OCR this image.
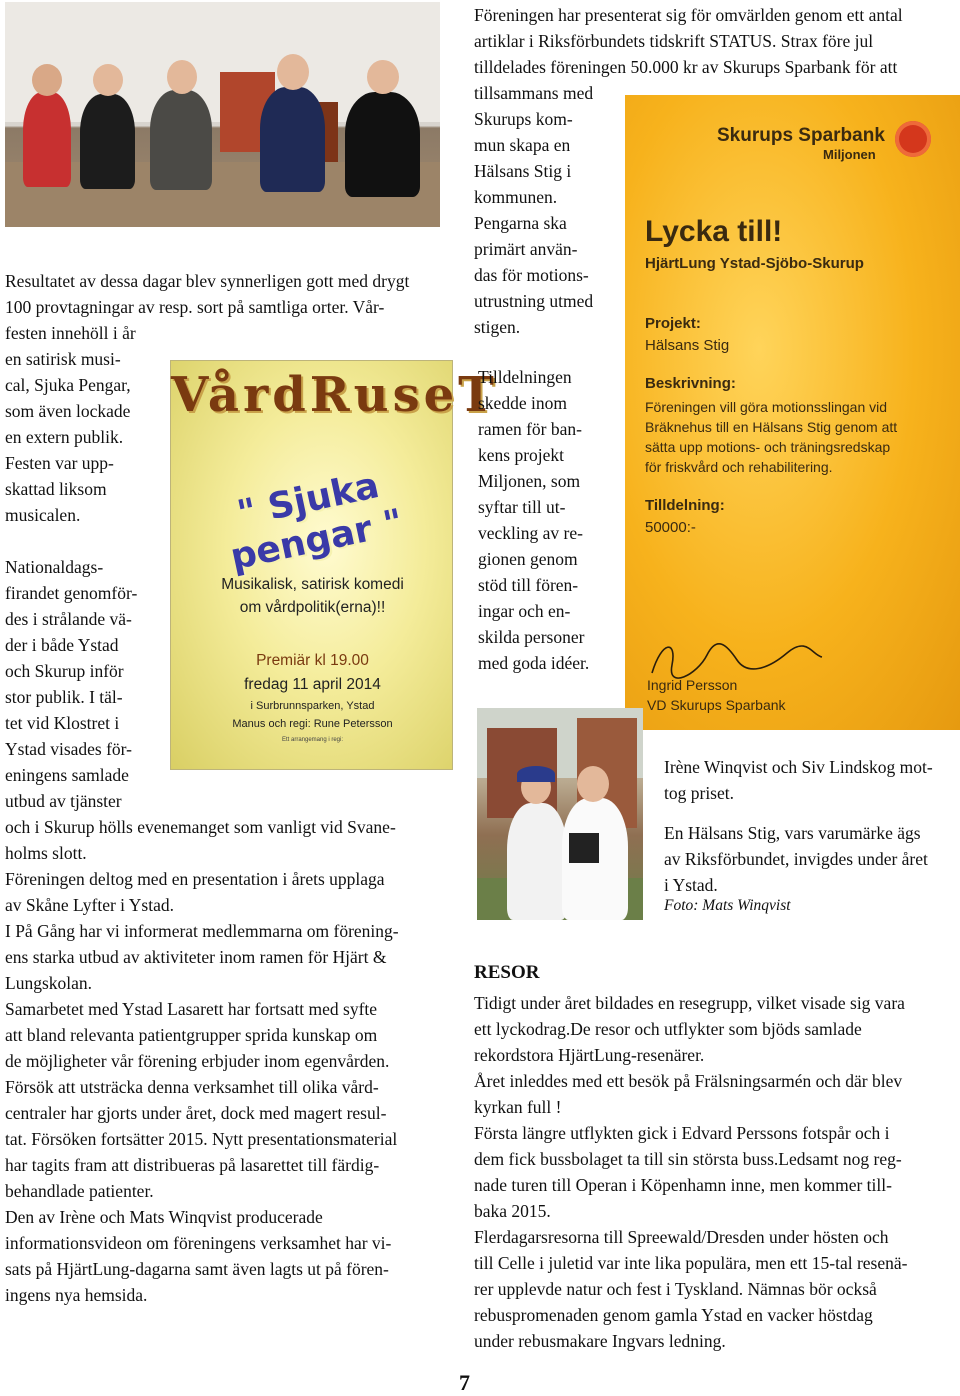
Resultatet av dessa dagar blev synnerligen gott med drygt
100 provtagningar av resp. sort på samtliga orter. Vår-
festen innehöll i år
en satirisk musi-
cal, Sjuka Pengar,
som även lockade
en extern publik.
Festen var upp-
skattad liksom
musicalen.
Nationaldags-
firandet genomför-
des i strålande vä-
der i både Ystad
och Skurup inför
stor publik. I täl-
tet vid Klostret i
Ystad visades för-
eningens samlade
utbud av tjänster
och i Skurup hölls evenemanget som vanligt vid Svane-
holms slott.
Föreningen deltog med en presentation i årets upplaga
av Skåne Lyfter i Ystad.
I På Gång har vi informerat medlemmarna om förening-
ens starka utbud av aktiviteter inom ramen för Hjärt &
Lungskolan.
Samarbetet med Ystad Lasarett har fortsatt med syfte
att bland relevanta patientgrupper sprida kunskap om
de möjligheter vår förening erbjuder inom egenvården.
Försök att utsträcka denna verksamhet till olika vård-
centraler har gjorts under året, dock med magert resul-
tat. Försöken fortsätter 2015. Nytt presentationsmaterial
har tagits fram att distribueras på lasarettet till färdig-
behandlade patienter.
Den av Irène och Mats Winqvist producerade
informationsvideon om föreningens verksamhet har vi-
sats på HjärtLung-dagarna samt även lagts ut på fören-
ingens nya hemsida.
VårdRuseT
" Sjuka pengar "
Musikalisk, satirisk komedi
om vårdpolitik(erna)!!
Premiär kl 19.00
fredag 11 april 2014
i Surbrunnsparken, Ystad
Manus och regi: Rune Petersson
Ett arrangemang i regi:
Föreningen har presenterat sig för omvärlden genom ett antal
artiklar i Riksförbundets tidskrift STATUS. Strax före jul
tilldelades föreningen 50.000 kr av Skurups Sparbank för att
tillsammans med
Skurups kom-
mun skapa en
Hälsans Stig i
kommunen.
Pengarna ska
primärt använ-
das för motions-
utrustning utmed
stigen.
Tilldelningen
skedde inom
ramen för ban-
kens projekt
Miljonen, som
syftar till ut-
veckling av re-
gionen genom
stöd till fören-
ingar och en-
skilda personer
med goda idéer.
Skurups Sparbank
Miljonen
Lycka till!
HjärtLung Ystad-Sjöbo-Skurup
Projekt:
Hälsans Stig
Beskrivning:
Föreningen vill göra motionsslingan vid
Bräknehus till en Hälsans Stig genom att
sätta upp motions- och träningsredskap
för friskvård och rehabilitering.
Tilldelning:
50000:-
Ingrid Persson
VD Skurups Sparbank
Irène Winqvist och Siv Lindskog mot-
tog priset.
En Hälsans Stig, vars varumärke ägs
av Riksförbundet, invigdes under året
i Ystad.
Foto: Mats Winqvist
RESOR
Tidigt under året bildades en resegrupp, vilket visade sig vara
ett lyckodrag.De resor och utflykter som bjöds samlade
rekordstora HjärtLung-resenärer.
Året inleddes med ett besök på Frälsningsarmén och där blev
kyrkan full !
Första längre utflykten gick i Edvard Perssons fotspår och i
dem fick bussbolaget ta till sin största buss.Ledsamt nog reg-
nade turen till Operan i Köpenhamn inne, men kommer till-
baka 2015.
Flerdagarsresorna till Spreewald/Dresden under hösten och
till Celle i juletid var inte lika populära, men ett 15-tal resenä-
rer upplevde natur och fest i Tyskland. Nämnas bör också
rebuspromenaden genom gamla Ystad en vacker höstdag
under rebusmakare Ingvars ledning.
7
